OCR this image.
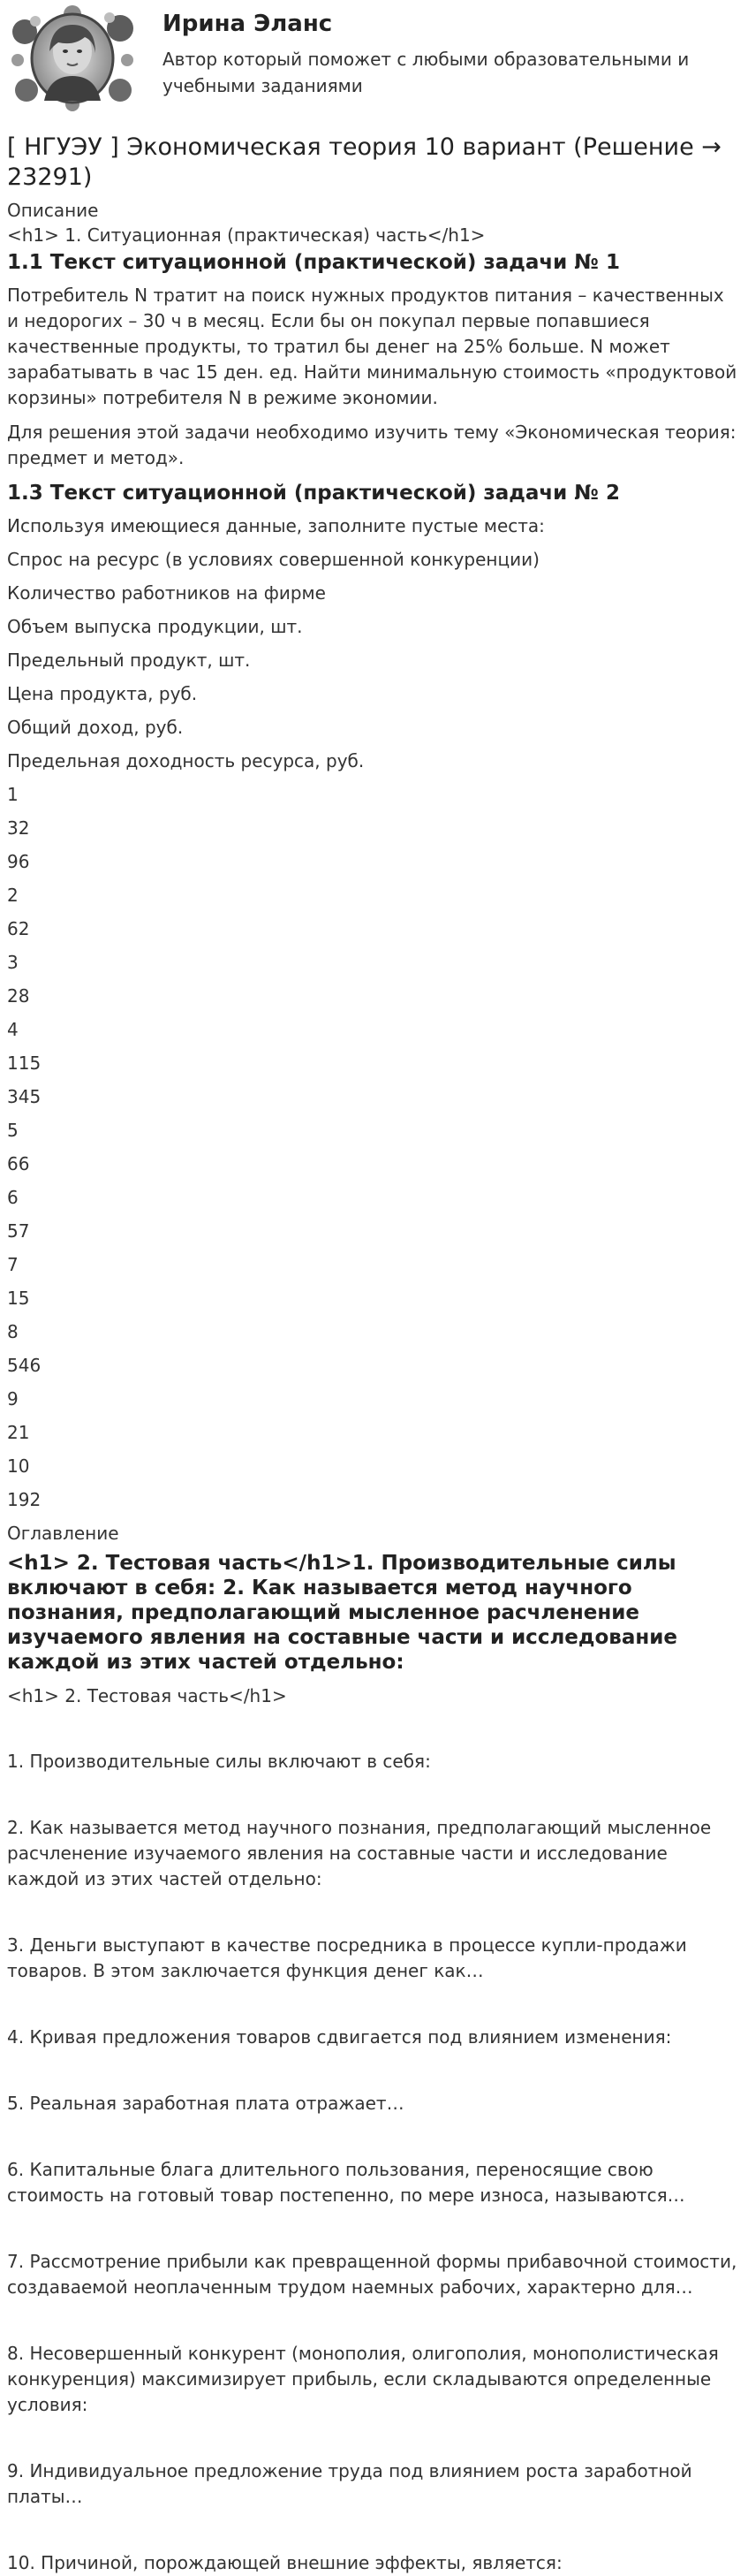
Ирина Эланс
Автор который поможет с любыми образовательными и учебными заданиями
[ НГУЭУ ] Экономическая теория 10 вариант (Решение → 23291)
Описание
<h1> 1. Ситуационная (практическая) часть</h1>
1.1 Текст ситуационной (практической) задачи № 1

Потребитель N тратит на поиск нужных продуктов питания – качественных и недорогих – 30 ч в месяц. Если бы он покупал первые попавшиеся качественные продукты, то тратил бы денег на 25% больше. N может зарабатывать в час 15 ден. ед. Найти минимальную стоимость «продуктовой корзины» потребителя N в режиме экономии.

Для решения этой задачи необходимо изучить тему «Экономическая теория: предмет и метод».

1.3 Текст ситуационной (практической) задачи № 2

Используя имеющиеся данные, заполните пустые места:

Спрос на ресурс (в условиях совершенной конкуренции)

Количество работников на фирме

Объем выпуска продукции, шт.

Предельный продукт, шт.

Цена продукта, руб.

Общий доход, руб.

Предельная доходность ресурса, руб.

1

32

96

2

62

3

28

4

115

345

5

66

6

57

7

15

8

546

9

21

10

192

Оглавление
<h1> 2. Тестовая часть</h1>1. Производительные силы включают в себя: 2. Как называется метод научного познания, предполагающий мысленное расчленение изучаемого явления на составные части и исследование каждой из этих частей отдельно:
<h1> 2. Тестовая часть</h1>

1. Производительные силы включают в себя:

2. Как называется метод научного познания, предполагающий мысленное расчленение изучаемого явления на составные части и исследование каждой из этих частей отдельно:

3. Деньги выступают в качестве посредника в процессе купли-продажи товаров. В этом заключается функция денег как…

4. Кривая предложения товаров сдвигается под влиянием изменения:

5. Реальная заработная плата отражает…

6. Капитальные блага длительного пользования, переносящие свою стоимость на готовый товар постепенно, по мере износа, называются…

7. Рассмотрение прибыли как превращенной формы прибавочной стоимости, создаваемой неоплаченным трудом наемных рабочих, характерно для…

8. Несовершенный конкурент (монополия, олигополия, монополистическая конкуренция) максимизирует прибыль, если складываются определенные условия:

9. Индивидуальное предложение труда под влиянием роста заработной платы…

10. Причиной, порождающей внешние эффекты, является:
